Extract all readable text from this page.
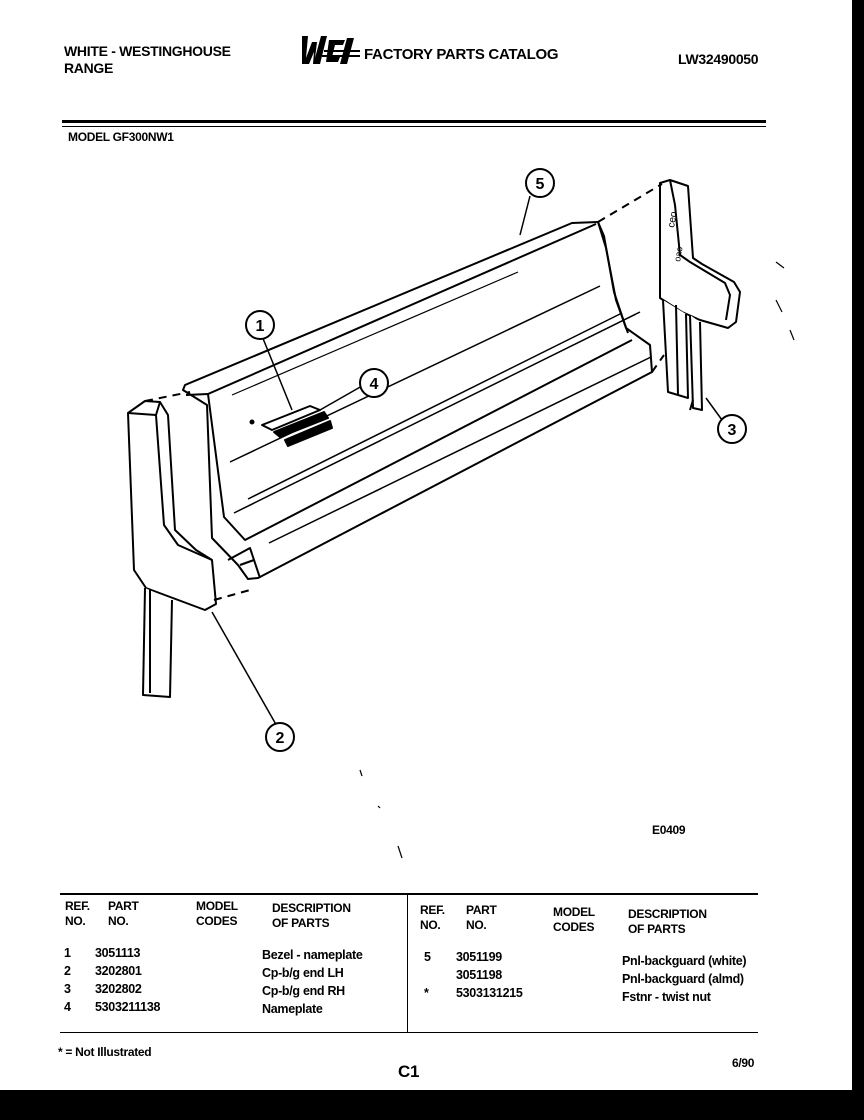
WHITE - WESTINGHOUSE
RANGE
FACTORY PARTS CATALOG	LW32490050
MODEL GF300NW1
ceo
oao
5
1
4
3
2
E0409
REF.
NO.
PART
NO.
MODEL
CODES
DESCRIPTION
OF PARTS
REF.
NO.
PART
NO.
MODEL
CODES
DESCRIPTION
OF PARTS
1
2
3
4
3051113
3202801
3202802
5303211138
Bezel - nameplate
Cp-b/g end LH
Cp-b/g end RH
Nameplate
5
*
3051199
3051198
5303131215
Pnl-backguard (white)
Pnl-backguard (almd)
Fstnr - twist nut
* = Not Illustrated
C1	6/90
